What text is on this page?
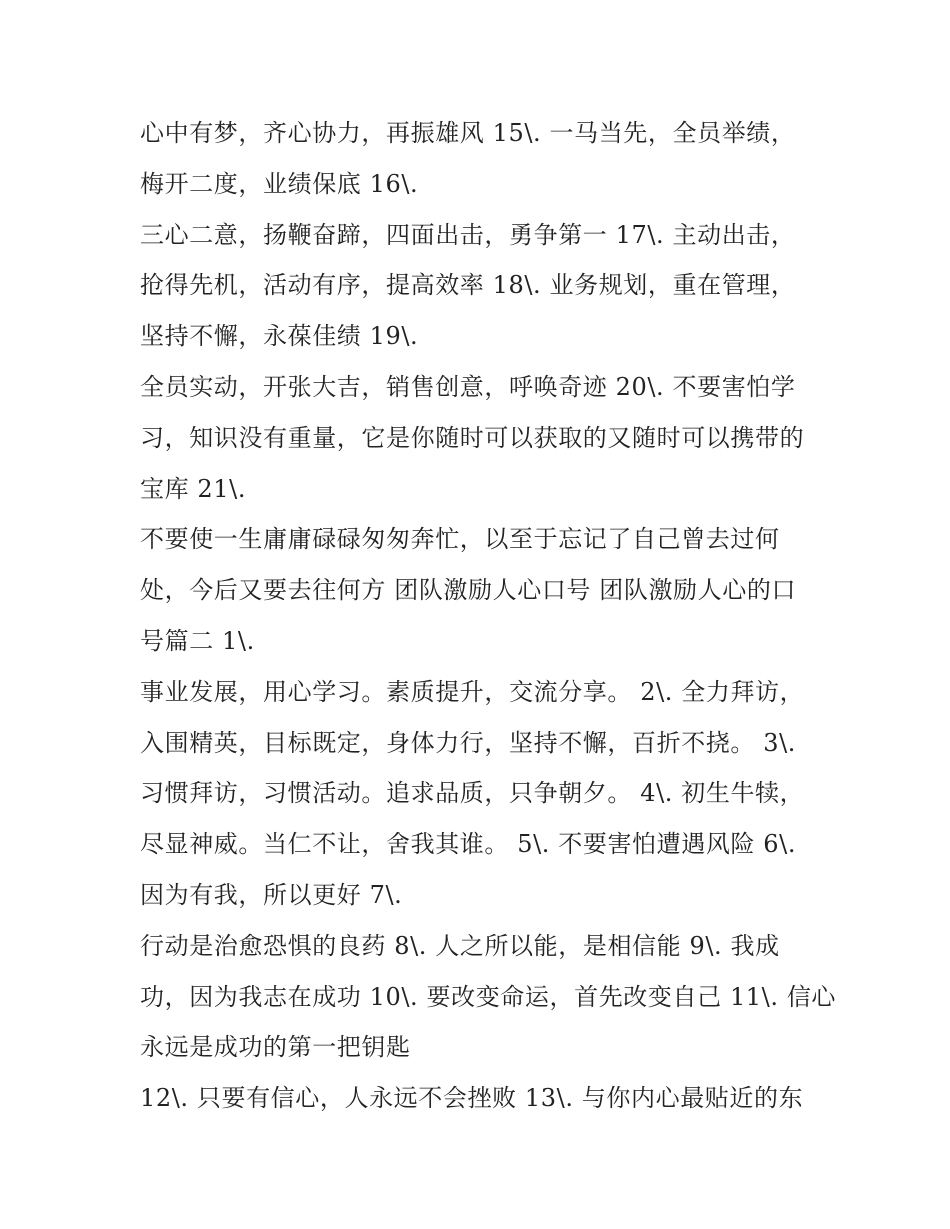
心中有梦，齐心协力，再振雄风 15\. 一马当先，全员举绩，
梅开二度，业绩保底 16\.
三心二意，扬鞭奋蹄，四面出击，勇争第一 17\. 主动出击，
抢得先机，活动有序，提高效率 18\. 业务规划，重在管理，
坚持不懈，永葆佳绩 19\.
全员实动，开张大吉，销售创意，呼唤奇迹 20\. 不要害怕学
习，知识没有重量，它是你随时可以获取的又随时可以携带的
宝库 21\.
不要使一生庸庸碌碌匆匆奔忙，以至于忘记了自己曾去过何
处，今后又要去往何方 团队激励人心口号 团队激励人心的口
号篇二 1\.
事业发展，用心学习。素质提升，交流分享。 2\. 全力拜访，
入围精英，目标既定，身体力行，坚持不懈，百折不挠。 3\.
习惯拜访，习惯活动。追求品质，只争朝夕。 4\. 初生牛犊，
尽显神威。当仁不让，舍我其谁。 5\. 不要害怕遭遇风险 6\.
因为有我，所以更好 7\.
行动是治愈恐惧的良药 8\. 人之所以能，是相信能 9\. 我成
功，因为我志在成功 10\. 要改变命运，首先改变自己 11\. 信心
永远是成功的第一把钥匙
12\. 只要有信心，人永远不会挫败 13\. 与你内心最贴近的东
